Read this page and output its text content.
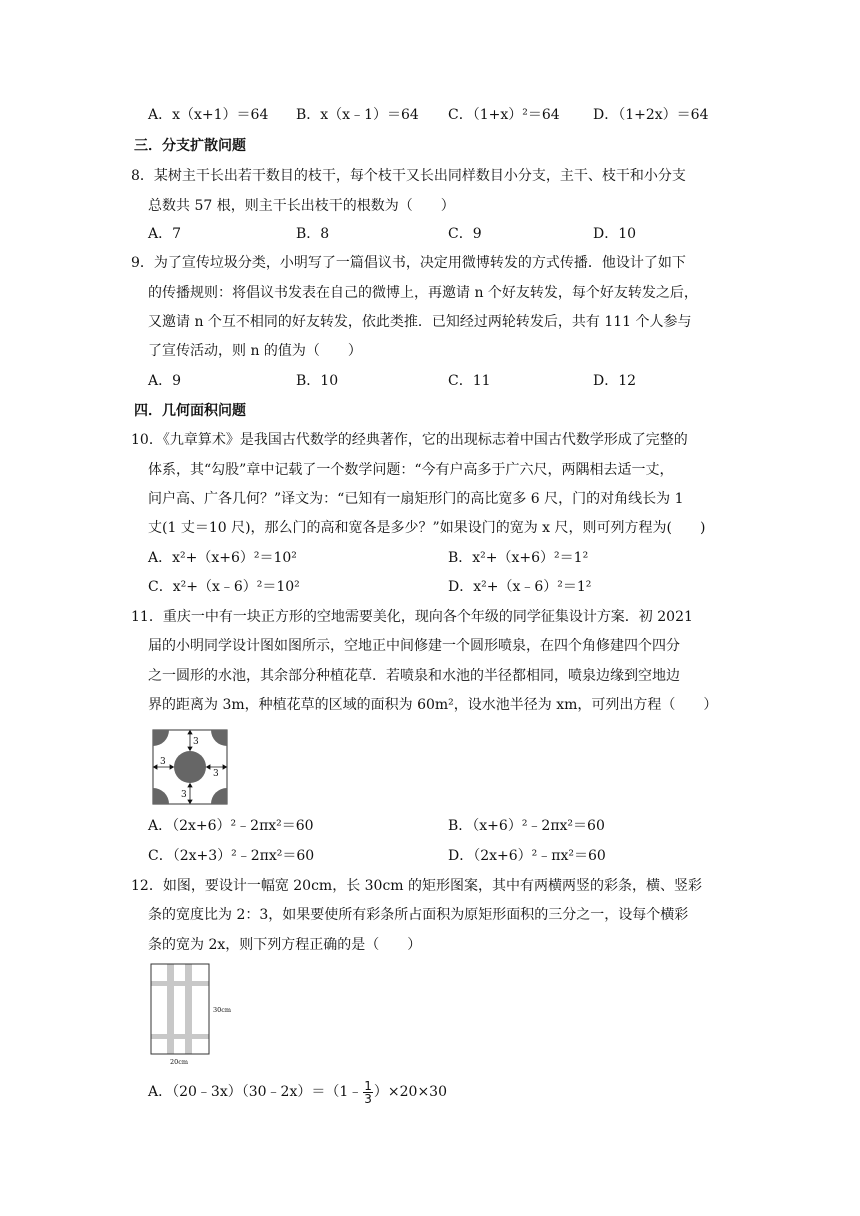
A．x（x+1）＝64 B．x（x﹣1）＝64 C．（1+x）²＝64 D．（1+2x）＝64
三．分支扩散问题
8．某树主干长出若干数目的枝干，每个枝干又长出同样数目小分支，主干、枝干和小分支
总数共 57 根，则主干长出枝干的根数为（　　）
A．7	B．8	C．9	D．10
9．为了宣传垃圾分类，小明写了一篇倡议书，决定用微博转发的方式传播．他设计了如下
的传播规则：将倡议书发表在自己的微博上，再邀请 n 个好友转发，每个好友转发之后，
又邀请 n 个互不相同的好友转发，依此类推．已知经过两轮转发后，共有 111 个人参与
了宣传活动，则 n 的值为（　　）
A．9	B．10	C．11	D．12
四．几何面积问题
10．《九章算术》是我国古代数学的经典著作，它的出现标志着中国古代数学形成了完整的
体系，其“勾股”章中记载了一个数学问题：“今有户高多于广六尺，两隅相去适一丈，
问户高、广各几何？”译文为：“已知有一扇矩形门的高比宽多 6 尺，门的对角线长为 1
丈(1 丈＝10 尺)，那么门的高和宽各是多少？”如果设门的宽为 x 尺，则可列方程为(　　)
A．x²+（x+6）²＝10²	B．x²+（x+6）²＝1²
C．x²+（x﹣6）²＝10²	D．x²+（x﹣6）²＝1²
11．重庆一中有一块正方形的空地需要美化，现向各个年级的同学征集设计方案．初 2021
届的小明同学设计图如图所示，空地正中间修建一个圆形喷泉，在四个角修建四个四分
之一圆形的水池，其余部分种植花草．若喷泉和水池的半径都相同，喷泉边缘到空地边
界的距离为 3m，种植花草的区域的面积为 60m²，设水池半径为 xm，可列出方程（　　）
3
3
3
3
A．（2x+6）²﹣2πx²＝60	B．（x+6）²﹣2πx²＝60
C．（2x+3）²﹣2πx²＝60	D．（2x+6）²﹣πx²＝60
12．如图，要设计一幅宽 20cm，长 30cm 的矩形图案，其中有两横两竖的彩条，横、竖彩
条的宽度比为 2：3，如果要使所有彩条所占面积为原矩形面积的三分之一，设每个横彩
条的宽为 2x，则下列方程正确的是（　　）
30cm
20cm
A．（20﹣3x）（30﹣2x）＝（1﹣ $\frac{1}{3} )\times 20\times 30$
